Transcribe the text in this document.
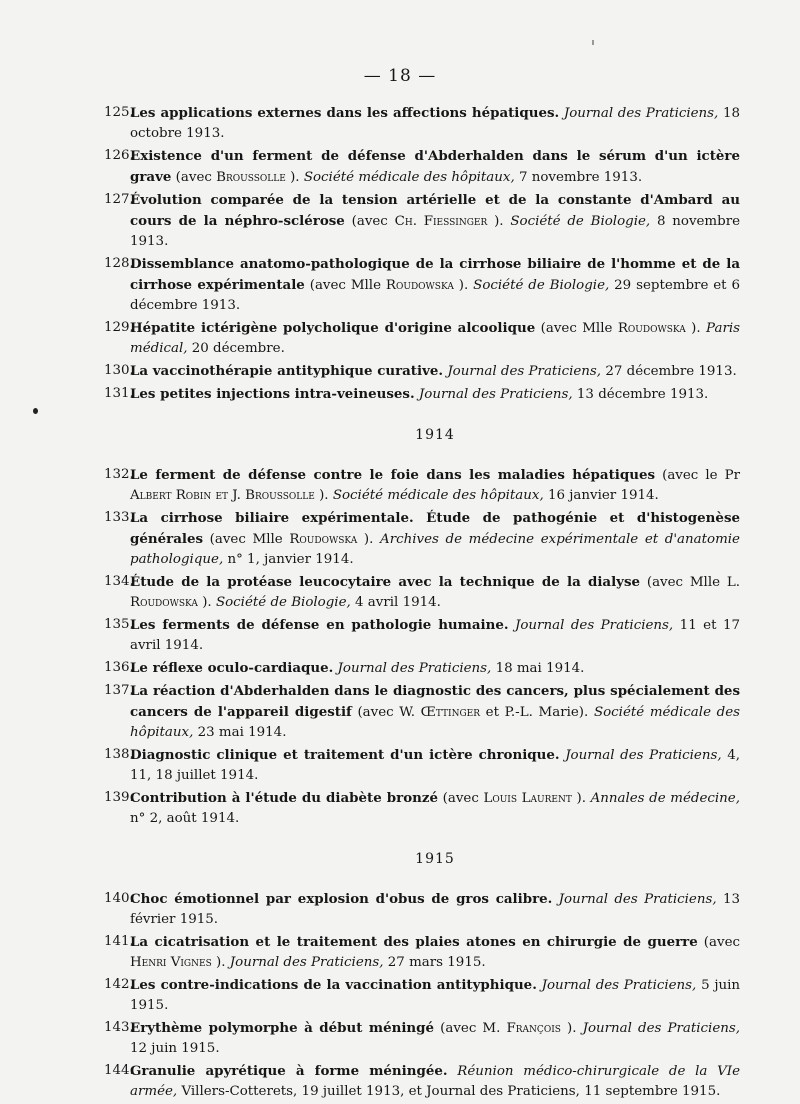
— 18 —
125.
Les applications externes dans les affections hépatiques. Journal des Praticiens, 18 octobre 1913.
126.
Existence d'un ferment de défense d'Abderhalden dans le sérum d'un ictère grave (avec Broussolle ). Société médicale des hôpitaux, 7 novembre 1913.
127.
Évolution comparée de la tension artérielle et de la constante d'Ambard au cours de la néphro-sclérose (avec Ch. Fiessinger ). Société de Biologie, 8 novembre 1913.
128.
Dissemblance anatomo-pathologique de la cirrhose biliaire de l'homme et de la cirrhose expérimentale (avec Mlle Roudowska ). Société de Biologie, 29 septembre et 6 décembre 1913.
129.
Hépatite ictérigène polycholique d'origine alcoolique (avec Mlle Roudowska ). Paris médical, 20 décembre.
130.
La vaccinothérapie antityphique curative. Journal des Praticiens, 27 décembre 1913.
131.
Les petites injections intra-veineuses. Journal des Praticiens, 13 décembre 1913.
1914
132.
Le ferment de défense contre le foie dans les maladies hépatiques (avec le Pr Albert Robin et J. Broussolle ). Société médicale des hôpitaux, 16 janvier 1914.
133.
La cirrhose biliaire expérimentale. Étude de pathogénie et d'histogenèse générales (avec Mlle Roudowska ). Archives de médecine expérimentale et d'anatomie pathologique, n° 1, janvier 1914.
134.
Étude de la protéase leucocytaire avec la technique de la dialyse (avec Mlle L. Roudowska ). Société de Biologie, 4 avril 1914.
135.
Les ferments de défense en pathologie humaine. Journal des Praticiens, 11 et 17 avril 1914.
136.
Le réflexe oculo-cardiaque. Journal des Praticiens, 18 mai 1914.
137.
La réaction d'Abderhalden dans le diagnostic des cancers, plus spécialement des cancers de l'appareil digestif (avec W. Œttinger et P.-L. Marie). Société médicale des hôpitaux, 23 mai 1914.
138.
Diagnostic clinique et traitement d'un ictère chronique. Journal des Praticiens, 4, 11, 18 juillet 1914.
139.
Contribution à l'étude du diabète bronzé (avec Louis Laurent ). Annales de médecine, n° 2, août 1914.
1915
140.
Choc émotionnel par explosion d'obus de gros calibre. Journal des Praticiens, 13 février 1915.
141.
La cicatrisation et le traitement des plaies atones en chirurgie de guerre (avec Henri Vignes ). Journal des Praticiens, 27 mars 1915.
142.
Les contre-indications de la vaccination antityphique. Journal des Praticiens, 5 juin 1915.
143.
Erythème polymorphe à début méningé (avec M. François ). Journal des Praticiens, 12 juin 1915.
144.
Granulie apyrétique à forme méningée. Réunion médico-chirurgicale de la VIe armée, Villers-Cotterets, 19 juillet 1913, et Journal des Praticiens, 11 septembre 1915.
